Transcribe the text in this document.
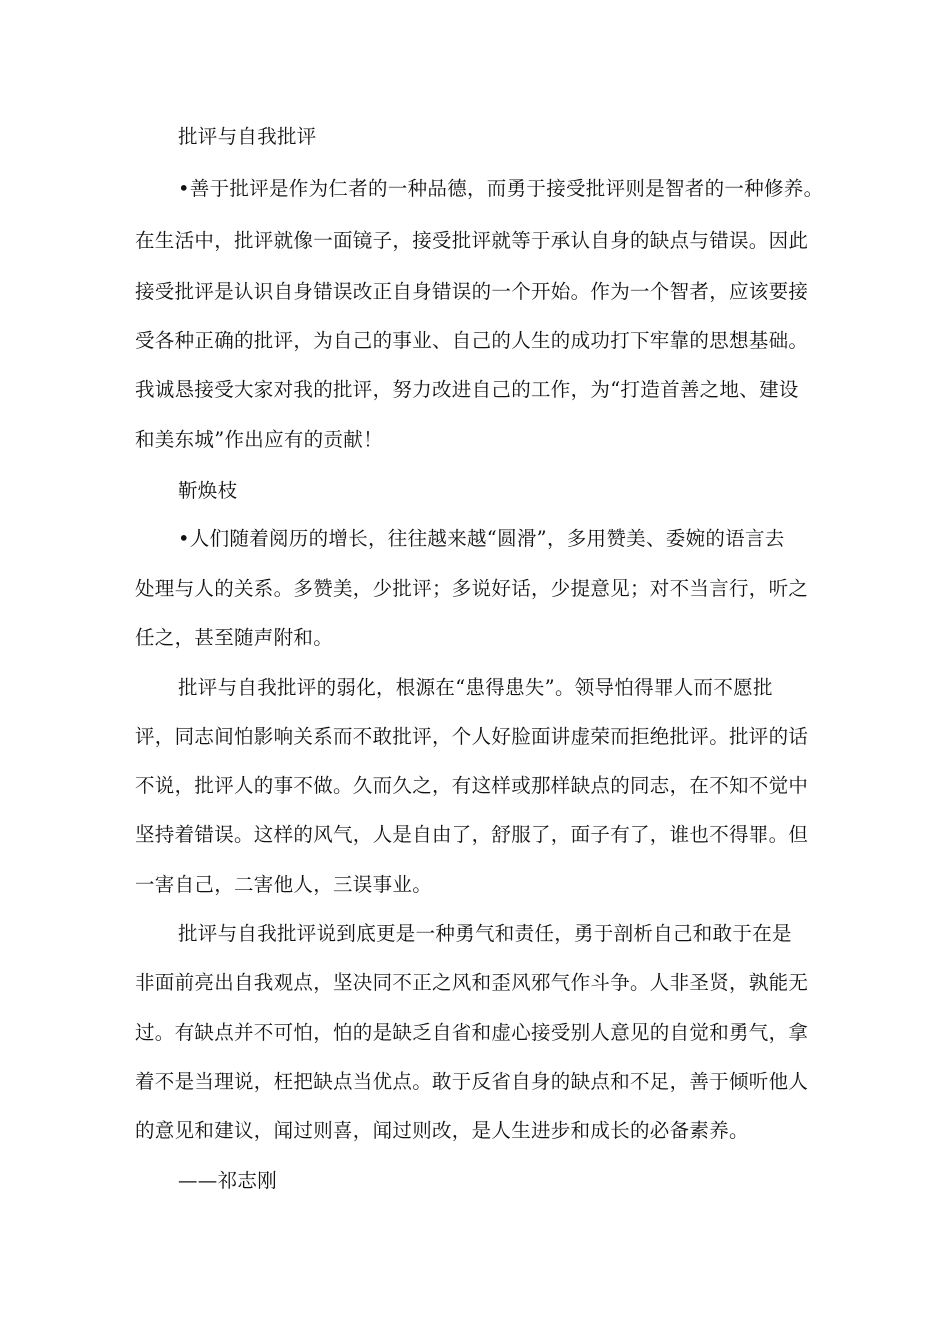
批评与自我批评
•善于批评是作为仁者的一种品德，而勇于接受批评则是智者的一种修养。
在生活中，批评就像一面镜子，接受批评就等于承认自身的缺点与错误。因此
接受批评是认识自身错误改正自身错误的一个开始。作为一个智者，应该要接
受各种正确的批评，为自己的事业、自己的人生的成功打下牢靠的思想基础。
我诚恳接受大家对我的批评，努力改进自己的工作，为“打造首善之地、建设
和美东城”作出应有的贡献！
靳焕枝
•人们随着阅历的增长，往往越来越“圆滑”，多用赞美、委婉的语言去
处理与人的关系。多赞美，少批评；多说好话，少提意见；对不当言行，听之
任之，甚至随声附和。
批评与自我批评的弱化，根源在“患得患失”。领导怕得罪人而不愿批
评，同志间怕影响关系而不敢批评，个人好脸面讲虚荣而拒绝批评。批评的话
不说，批评人的事不做。久而久之，有这样或那样缺点的同志，在不知不觉中
坚持着错误。这样的风气，人是自由了，舒服了，面子有了，谁也不得罪。但
一害自己，二害他人，三误事业。
批评与自我批评说到底更是一种勇气和责任，勇于剖析自己和敢于在是
非面前亮出自我观点，坚决同不正之风和歪风邪气作斗争。人非圣贤，孰能无
过。有缺点并不可怕，怕的是缺乏自省和虚心接受别人意见的自觉和勇气，拿
着不是当理说，枉把缺点当优点。敢于反省自身的缺点和不足，善于倾听他人
的意见和建议，闻过则喜，闻过则改，是人生进步和成长的必备素养。
——祁志刚
